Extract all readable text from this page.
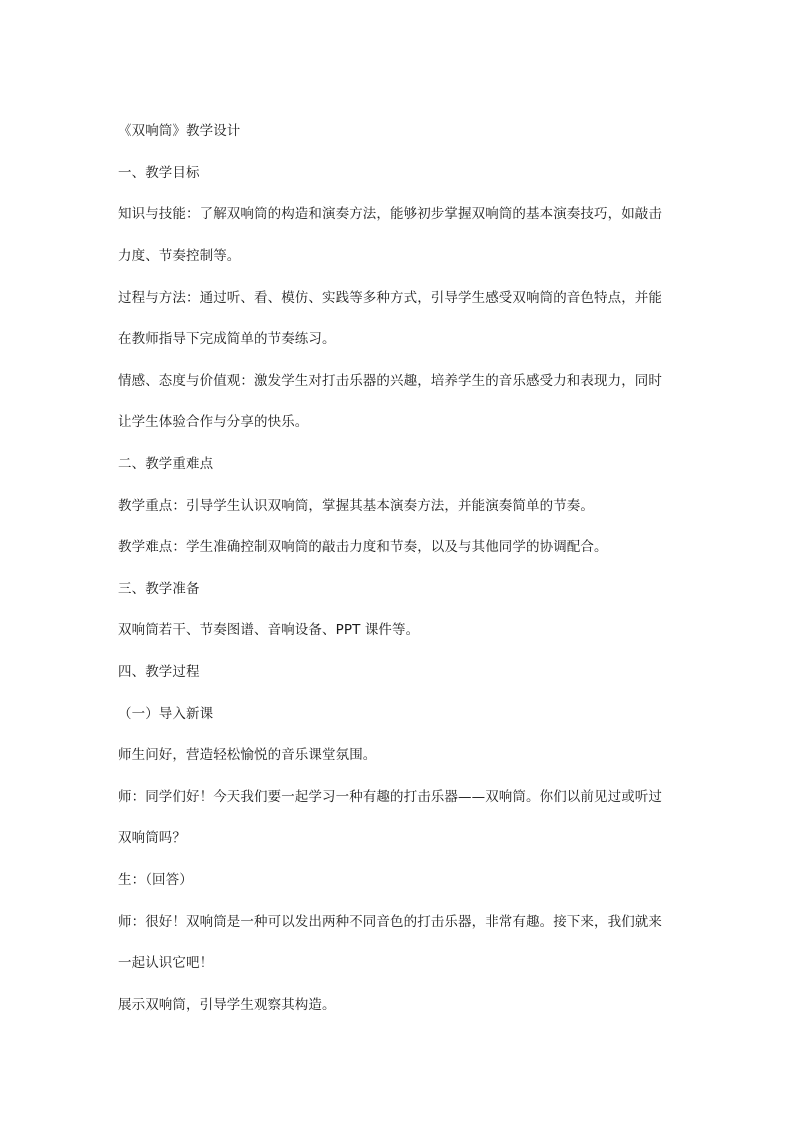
《双响筒》教学设计
一、教学目标
知识与技能：了解双响筒的构造和演奏方法，能够初步掌握双响筒的基本演奏技巧，如敲击
力度、节奏控制等。
过程与方法：通过听、看、模仿、实践等多种方式，引导学生感受双响筒的音色特点，并能
在教师指导下完成简单的节奏练习。
情感、态度与价值观：激发学生对打击乐器的兴趣，培养学生的音乐感受力和表现力，同时
让学生体验合作与分享的快乐。
二、教学重难点
教学重点：引导学生认识双响筒，掌握其基本演奏方法，并能演奏简单的节奏。
教学难点：学生准确控制双响筒的敲击力度和节奏，以及与其他同学的协调配合。
三、教学准备
双响筒若干、节奏图谱、音响设备、PPT 课件等。
四、教学过程
（一）导入新课
师生问好，营造轻松愉悦的音乐课堂氛围。
师：同学们好！今天我们要一起学习一种有趣的打击乐器——双响筒。你们以前见过或听过
双响筒吗？
生：（回答）
师：很好！双响筒是一种可以发出两种不同音色的打击乐器，非常有趣。接下来，我们就来
一起认识它吧！
展示双响筒，引导学生观察其构造。
